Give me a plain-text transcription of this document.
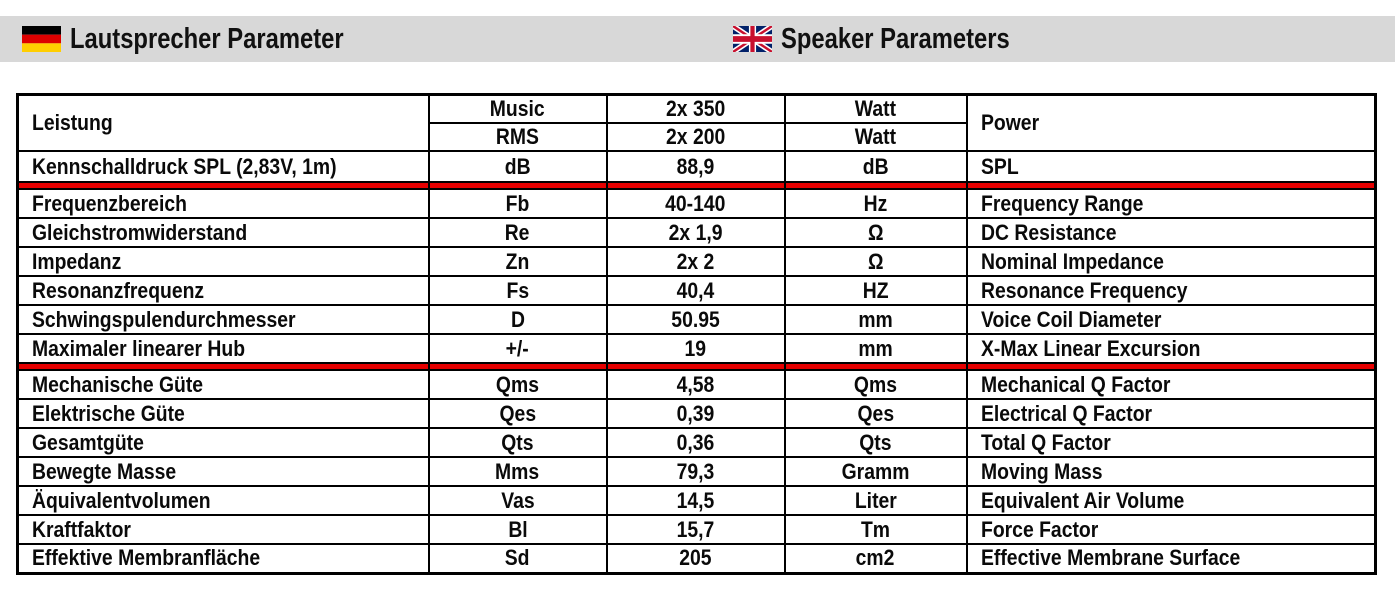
Lautsprecher Parameter	Speaker Parameters
Leistung	Music	2x 350	Watt	Power
	RMS	2x 200	Watt	
Kennschalldruck SPL (2,83V, 1m)	dB	88,9	dB	SPL

Frequenzbereich	Fb	40-140	Hz	Frequency Range
Gleichstromwiderstand	Re	2x 1,9	Ω	DC Resistance
Impedanz	Zn	2x 2	Ω	Nominal Impedance
Resonanzfrequenz	Fs	40,4	HZ	Resonance Frequency
Schwingspulendurchmesser	D	50.95	mm	Voice Coil Diameter
Maximaler linearer Hub	+/-	19	mm	X-Max Linear Excursion

Mechanische Güte	Qms	4,58	Qms	Mechanical Q Factor
Elektrische Güte	Qes	0,39	Qes	Electrical Q Factor
Gesamtgüte	Qts	0,36	Qts	Total Q Factor
Bewegte Masse	Mms	79,3	Gramm	Moving Mass
Äquivalentvolumen	Vas	14,5	Liter	Equivalent Air Volume
Kraftfaktor	Bl	15,7	Tm	Force Factor
Effektive Membranfläche	Sd	205	cm2	Effective Membrane Surface
